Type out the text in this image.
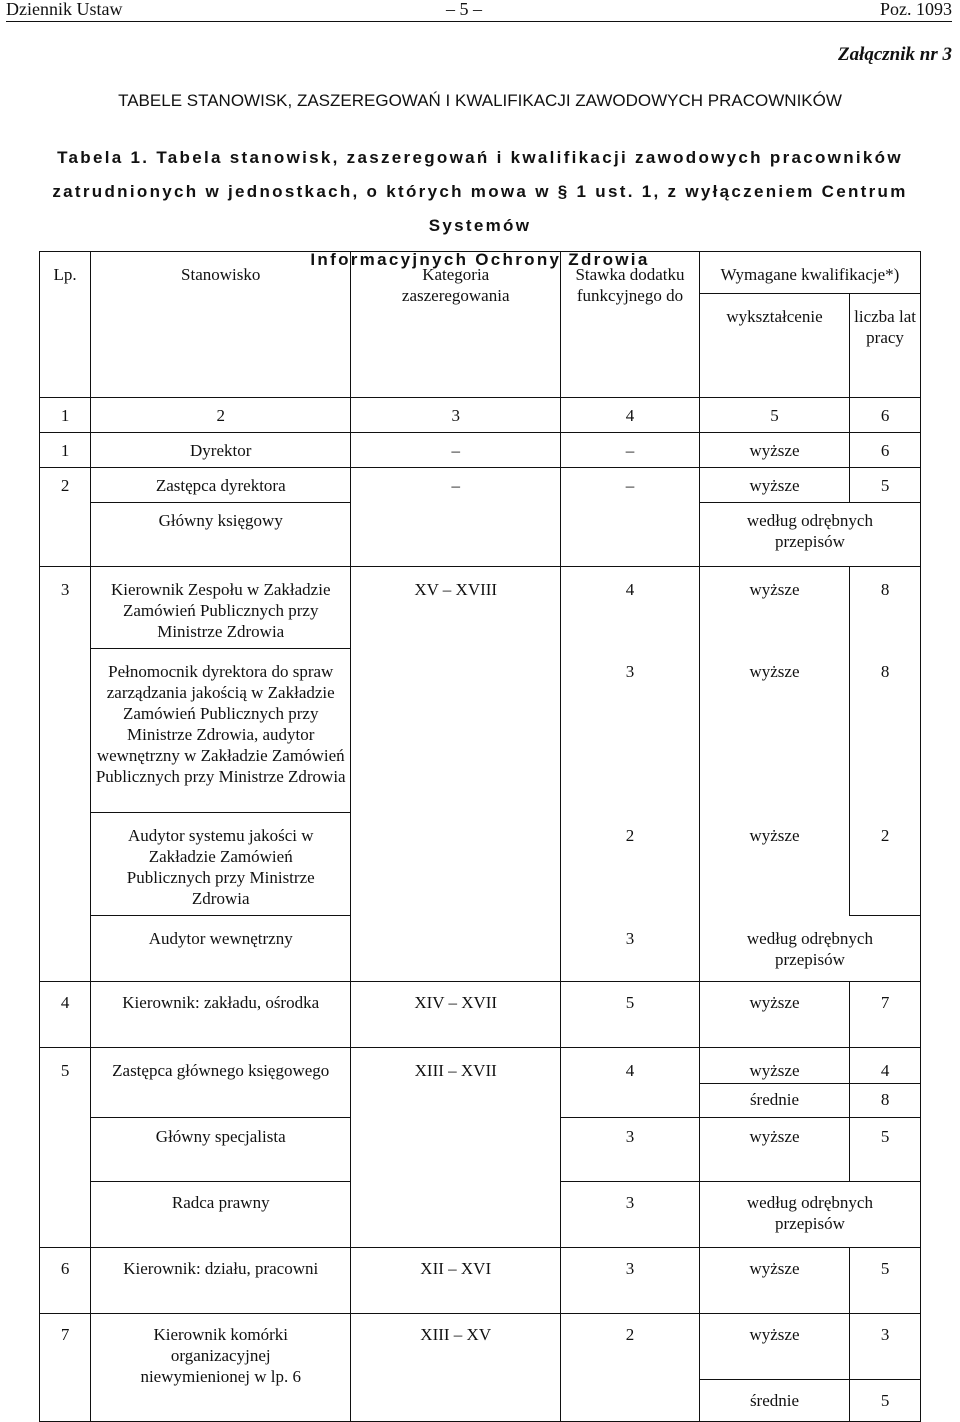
Dziennik Ustaw	– 5 –	Poz. 1093
Załącznik nr 3
TABELE STANOWISK, ZASZEREGOWAŃ I KWALIFIKACJI ZAWODOWYCH PRACOWNIKÓW
Tabela 1. Tabela stanowisk, zaszeregowań i kwalifikacji zawodowych pracowników
zatrudnionych w jednostkach, o których mowa w § 1 ust. 1, z wyłączeniem Centrum Systemów
Informacyjnych Ochrony Zdrowia
Lp.	Stanowisko	Kategoria zaszeregowania	Stawka dodatku funkcyjnego do	Wymagane kwalifikacje*)	
				wykształcenie	liczba lat pracy
1	2	3	4	5	6
1	Dyrektor	–	–	wyższe	6
2	Zastępca dyrektora	–	–	wyższe	5
	Główny księgowy			według odrębnych przepisów	
3	Kierownik Zespołu w Zakładzie Zamówień Publicznych przy Ministrze Zdrowia	XV – XVIII	4	wyższe	8
	Pełnomocnik dyrektora do spraw zarządzania jakością w Zakładzie Zamówień Publicznych przy Ministrze Zdrowia, audytor wewnętrzny w Zakładzie Zamówień Publicznych przy Ministrze Zdrowia		3	wyższe	8
	Audytor systemu jakości w Zakładzie Zamówień Publicznych przy Ministrze Zdrowia		2	wyższe	2
	Audytor wewnętrzny		3	według odrębnych przepisów	
4	Kierownik: zakładu, ośrodka	XIV – XVII	5	wyższe	7
5	Zastępca głównego księgowego	XIII – XVII	4	wyższe	4
				średnie	8
	Główny specjalista		3	wyższe	5
	Radca prawny		3	według odrębnych przepisów	
6	Kierownik: działu, pracowni	XII – XVI	3	wyższe	5
7	Kierownik komórki organizacyjnej niewymienionej w lp. 6	XIII – XV	2	wyższe	3
				średnie	5
